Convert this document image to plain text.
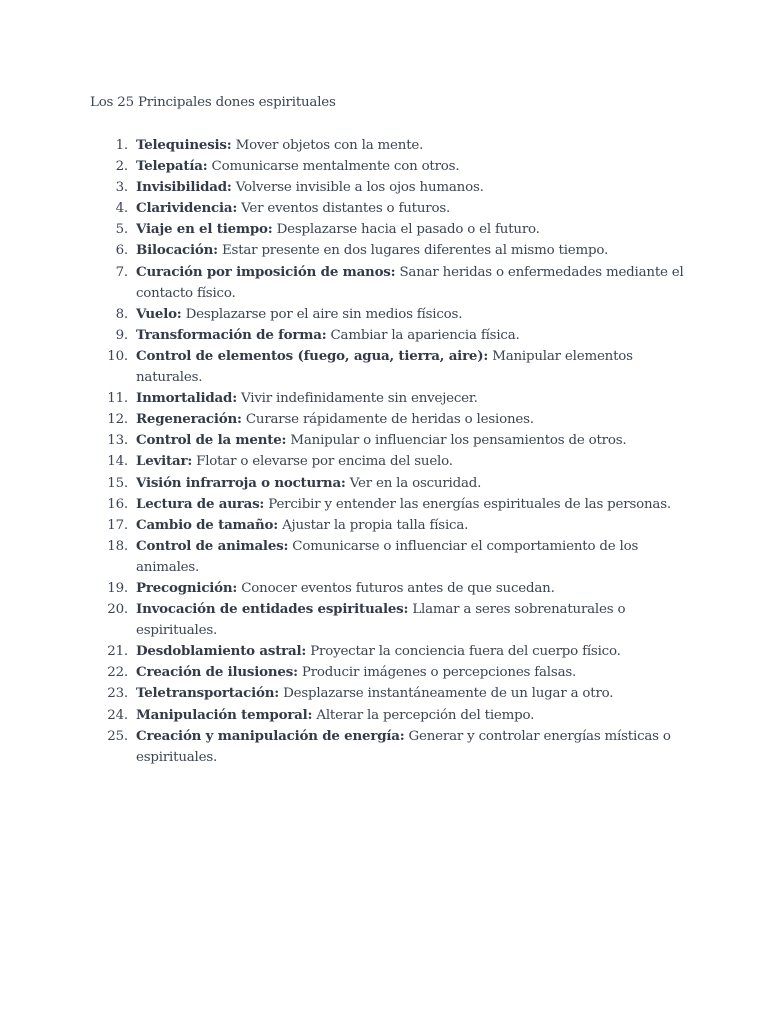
Los 25 Principales dones espirituales
1. Telequinesis: Mover objetos con la mente.
2. Telepatía: Comunicarse mentalmente con otros.
3. Invisibilidad: Volverse invisible a los ojos humanos.
4. Clarividencia: Ver eventos distantes o futuros.
5. Viaje en el tiempo: Desplazarse hacia el pasado o el futuro.
6. Bilocación: Estar presente en dos lugares diferentes al mismo tiempo.
7. Curación por imposición de manos: Sanar heridas o enfermedades mediante el contacto físico.
8. Vuelo: Desplazarse por el aire sin medios físicos.
9. Transformación de forma: Cambiar la apariencia física.
10. Control de elementos (fuego, agua, tierra, aire): Manipular elementos naturales.
11. Inmortalidad: Vivir indefinidamente sin envejecer.
12. Regeneración: Curarse rápidamente de heridas o lesiones.
13. Control de la mente: Manipular o influenciar los pensamientos de otros.
14. Levitar: Flotar o elevarse por encima del suelo.
15. Visión infrarroja o nocturna: Ver en la oscuridad.
16. Lectura de auras: Percibir y entender las energías espirituales de las personas.
17. Cambio de tamaño: Ajustar la propia talla física.
18. Control de animales: Comunicarse o influenciar el comportamiento de los animales.
19. Precognición: Conocer eventos futuros antes de que sucedan.
20. Invocación de entidades espirituales: Llamar a seres sobrenaturales o espirituales.
21. Desdoblamiento astral: Proyectar la conciencia fuera del cuerpo físico.
22. Creación de ilusiones: Producir imágenes o percepciones falsas.
23. Teletransportación: Desplazarse instantáneamente de un lugar a otro.
24. Manipulación temporal: Alterar la percepción del tiempo.
25. Creación y manipulación de energía: Generar y controlar energías místicas o espirituales.
